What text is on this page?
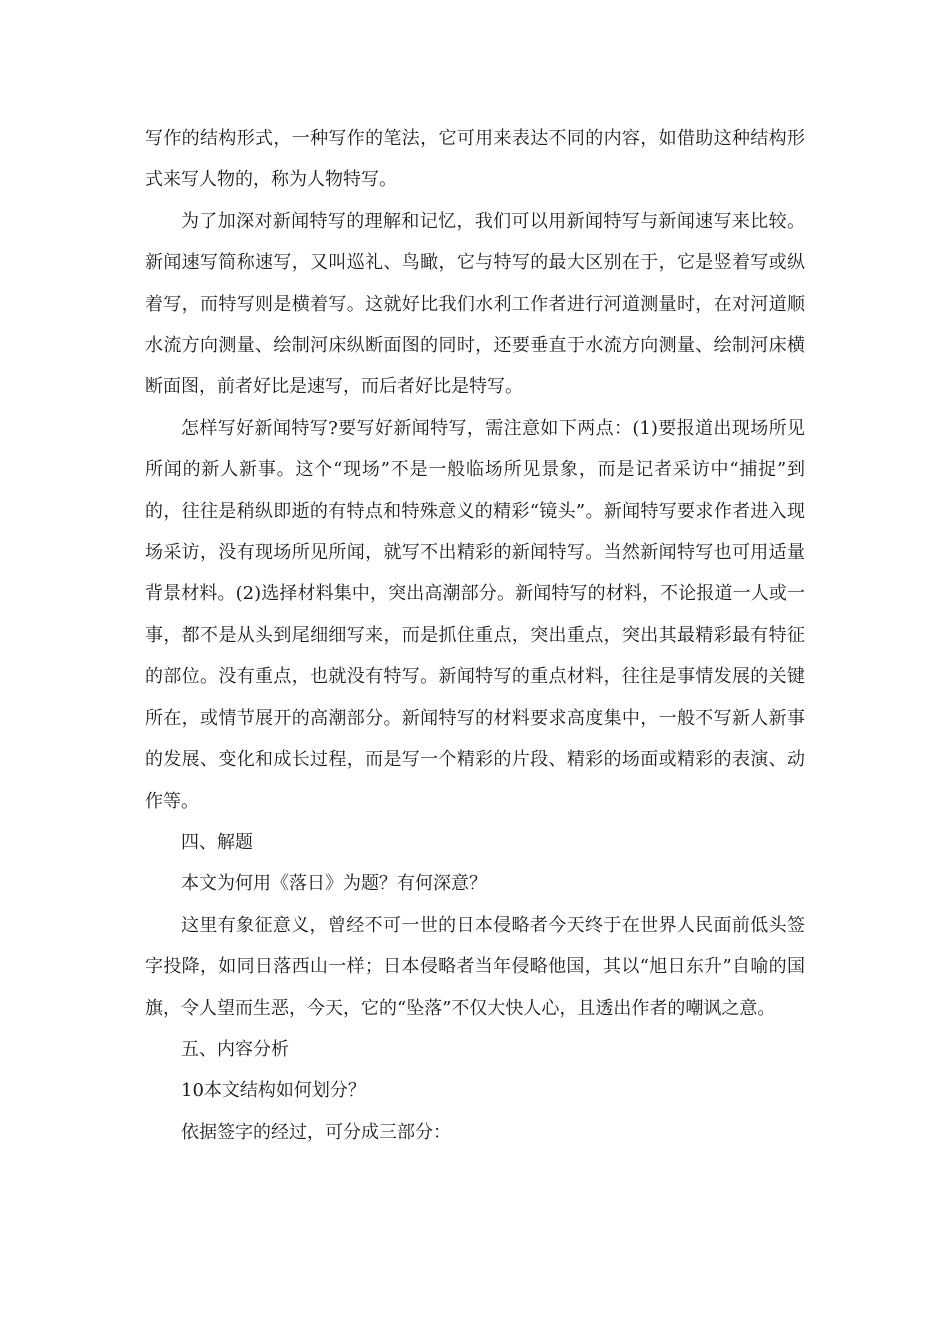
写作的结构形式，一种写作的笔法，它可用来表达不同的内容，如借助这种结构形式来写人物的，称为人物特写。

为了加深对新闻特写的理解和记忆，我们可以用新闻特写与新闻速写来比较。新闻速写简称速写，又叫巡礼、鸟瞰，它与特写的最大区别在于，它是竖着写或纵着写，而特写则是横着写。这就好比我们水利工作者进行河道测量时，在对河道顺水流方向测量、绘制河床纵断面图的同时，还要垂直于水流方向测量、绘制河床横断面图，前者好比是速写，而后者好比是特写。

怎样写好新闻特写?要写好新闻特写，需注意如下两点：(1)要报道出现场所见所闻的新人新事。这个“现场”不是一般临场所见景象，而是记者采访中“捕捉”到的，往往是稍纵即逝的有特点和特殊意义的精彩“镜头”。新闻特写要求作者进入现场采访，没有现场所见所闻，就写不出精彩的新闻特写。当然新闻特写也可用适量背景材料。(2)选择材料集中，突出高潮部分。新闻特写的材料，不论报道一人或一事，都不是从头到尾细细写来，而是抓住重点，突出重点，突出其最精彩最有特征的部位。没有重点，也就没有特写。新闻特写的重点材料，往往是事情发展的关键所在，或情节展开的高潮部分。新闻特写的材料要求高度集中，一般不写新人新事的发展、变化和成长过程，而是写一个精彩的片段、精彩的场面或精彩的表演、动作等。

四、解题

本文为何用《落日》为题？有何深意？

这里有象征意义，曾经不可一世的日本侵略者今天终于在世界人民面前低头签字投降，如同日落西山一样；日本侵略者当年侵略他国，其以“旭日东升”自喻的国旗，令人望而生恶，今天，它的“坠落”不仅大快人心，且透出作者的嘲讽之意。

五、内容分析

10本文结构如何划分？

依据签字的经过，可分成三部分：
